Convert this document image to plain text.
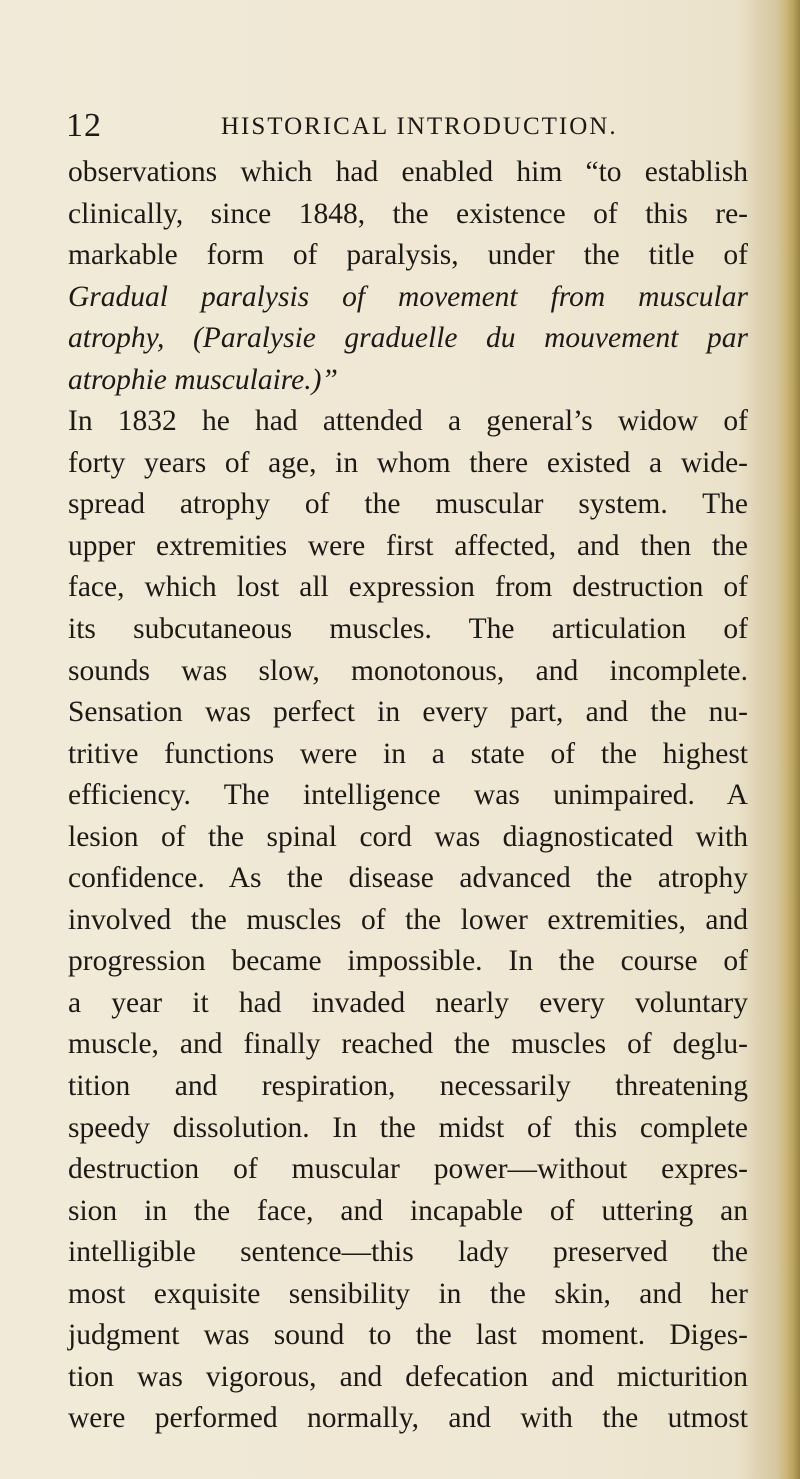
12	HISTORICAL INTRODUCTION.
observations which had enabled him “to establish
clinically, since 1848, the existence of this re-
markable form of paralysis, under the title of
Gradual paralysis of movement from muscular
atrophy, (Paralysie graduelle du mouvement par
atrophie musculaire.)”
In 1832 he had attended a general’s widow of
forty years of age, in whom there existed a wide-
spread atrophy of the muscular system. The
upper extremities were first affected, and then the
face, which lost all expression from destruction of
its subcutaneous muscles. The articulation of
sounds was slow, monotonous, and incomplete.
Sensation was perfect in every part, and the nu-
tritive functions were in a state of the highest
efficiency. The intelligence was unimpaired. A
lesion of the spinal cord was diagnosticated with
confidence. As the disease advanced the atrophy
involved the muscles of the lower extremities, and
progression became impossible. In the course of
a year it had invaded nearly every voluntary
muscle, and finally reached the muscles of deglu-
tition and respiration, necessarily threatening
speedy dissolution. In the midst of this complete
destruction of muscular power—without expres-
sion in the face, and incapable of uttering an
intelligible sentence—this lady preserved the
most exquisite sensibility in the skin, and her
judgment was sound to the last moment. Diges-
tion was vigorous, and defecation and micturition
were performed normally, and with the utmost
